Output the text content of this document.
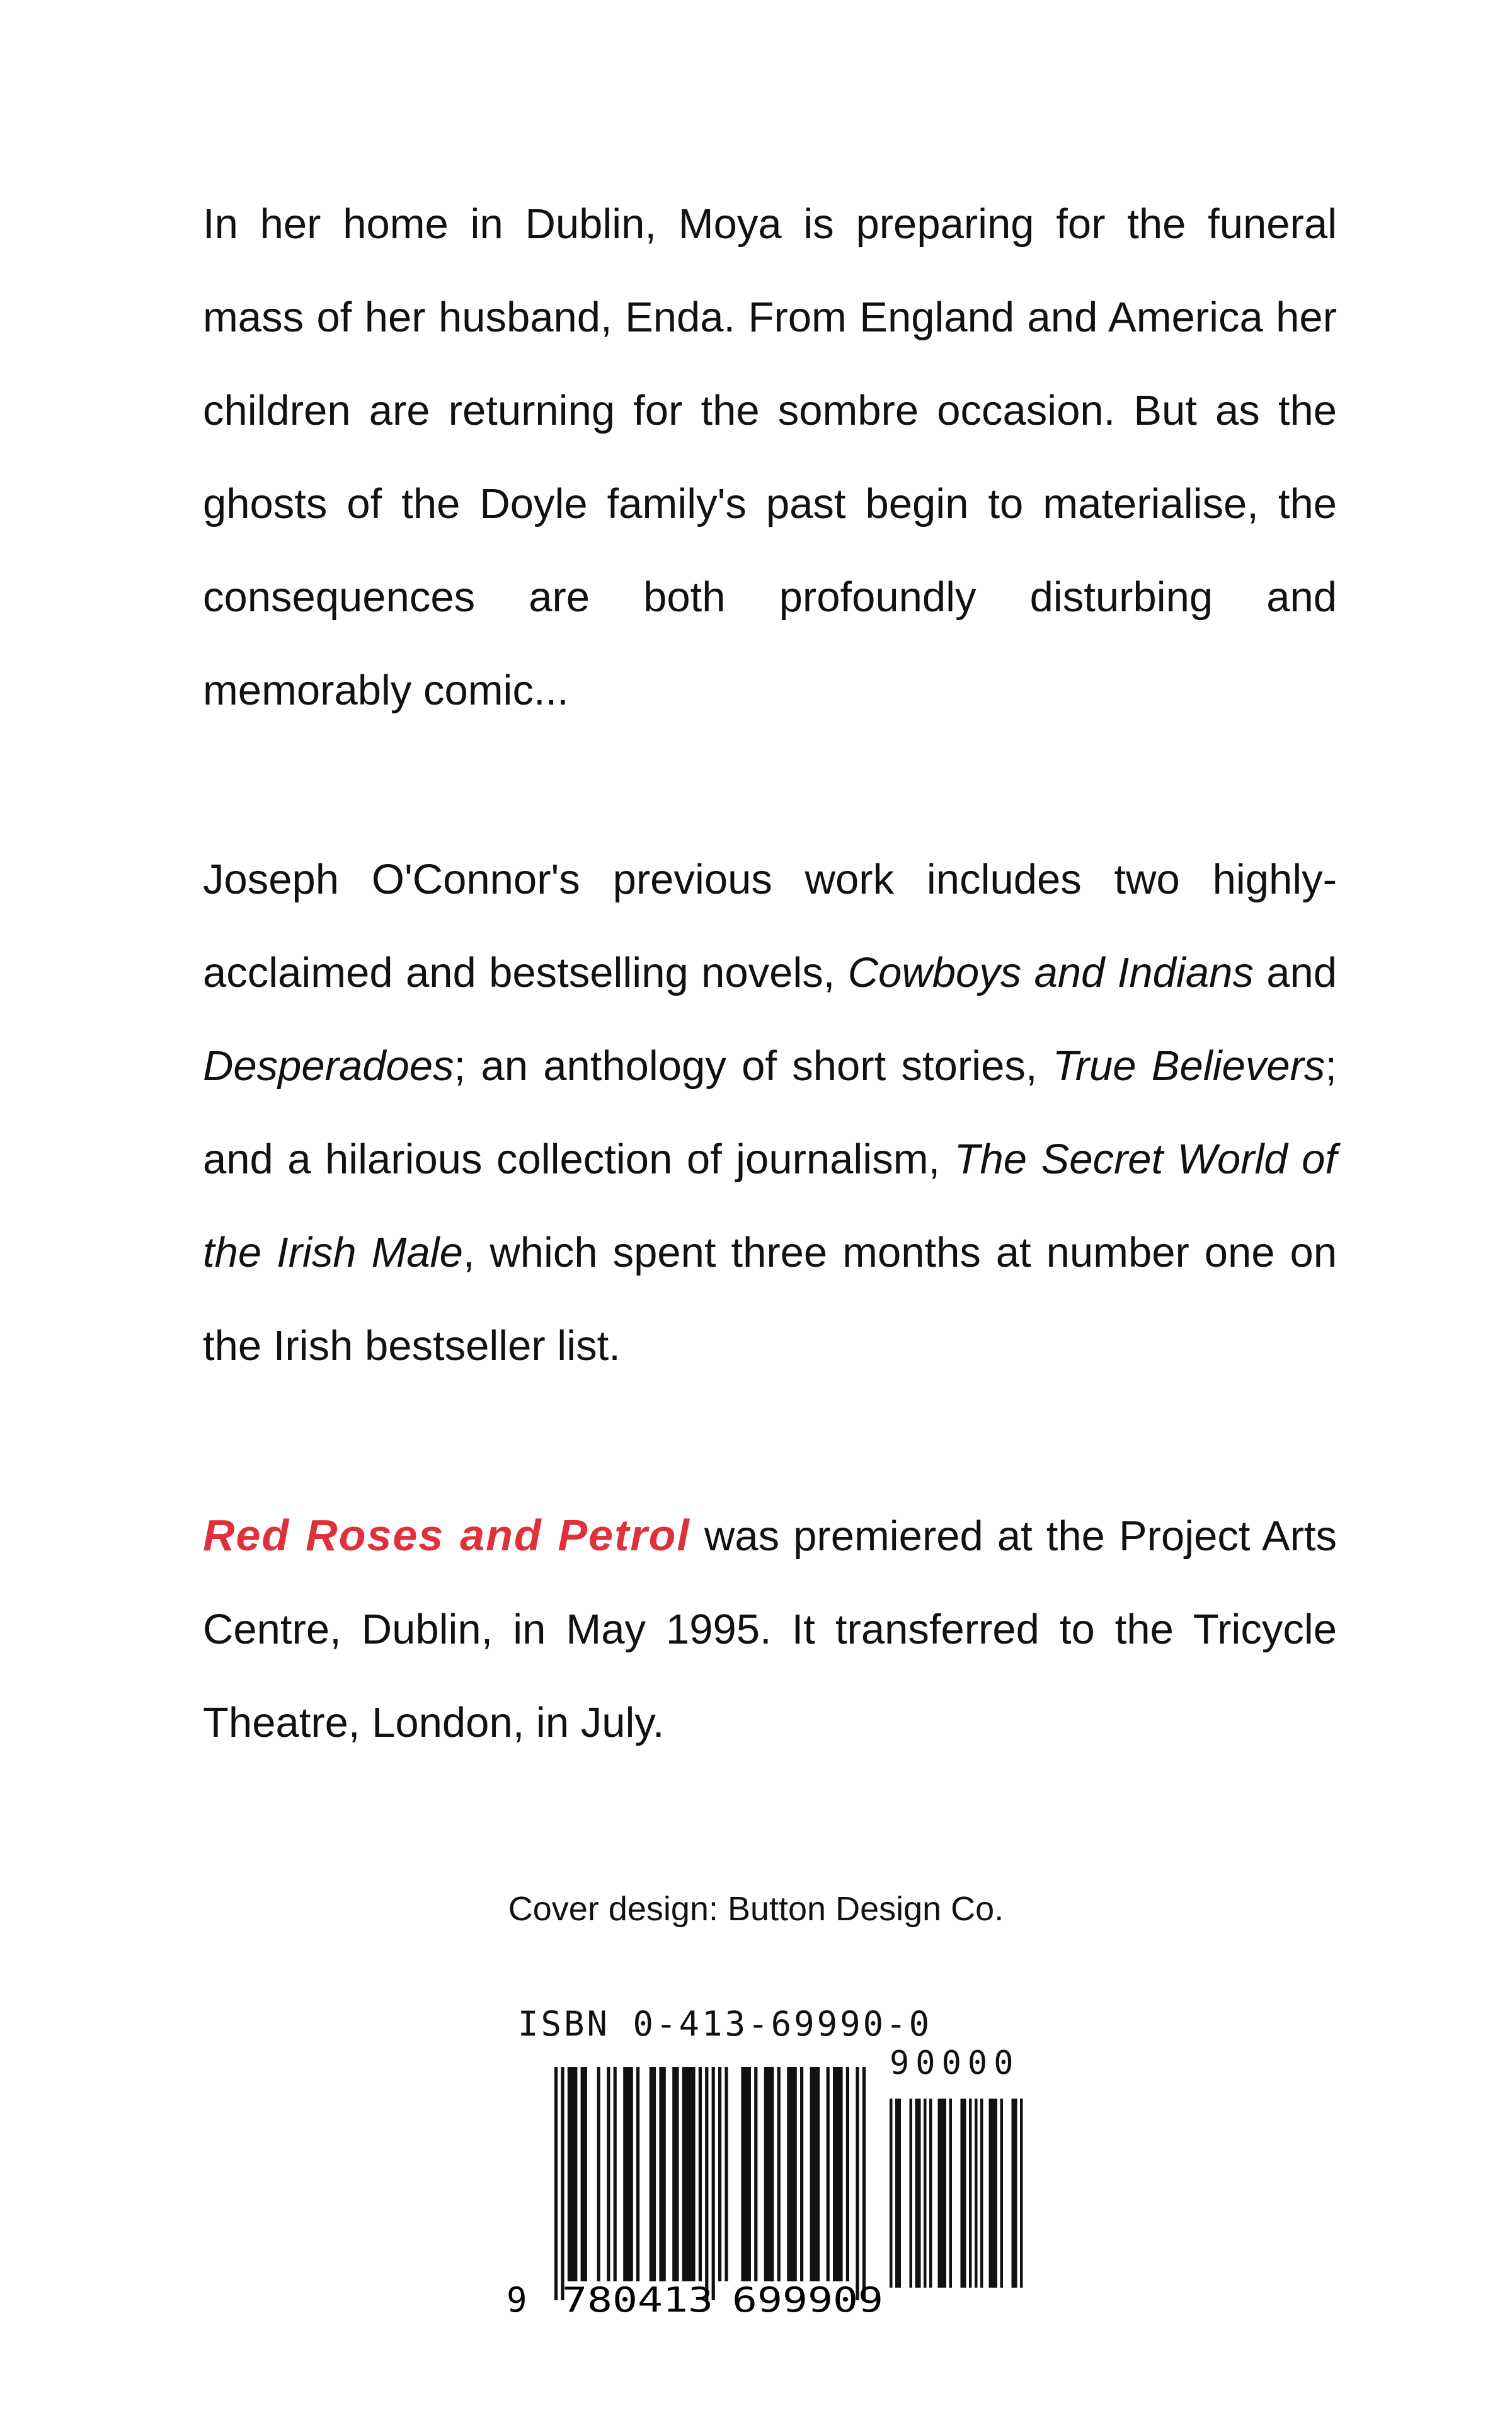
In her home in Dublin, Moya is preparing for the funeral mass of her husband, Enda. From England and America her children are returning for the sombre occasion. But as the ghosts of the Doyle family's past begin to materialise, the consequences are both profoundly disturbing and memorably comic...

Joseph O'Connor's previous work includes two highly-acclaimed and bestselling novels, Cowboys and Indians and Desperadoes; an anthology of short stories, True Believers; and a hilarious collection of journalism, The Secret World of the Irish Male, which spent three months at number one on the Irish bestseller list.

Red Roses and Petrol was premiered at the Project Arts Centre, Dublin, in May 1995. It transferred to the Tricycle Theatre, London, in July.

Cover design: Button Design Co.

9 780413 699909
ISBN 0-413-69990-0
90000
